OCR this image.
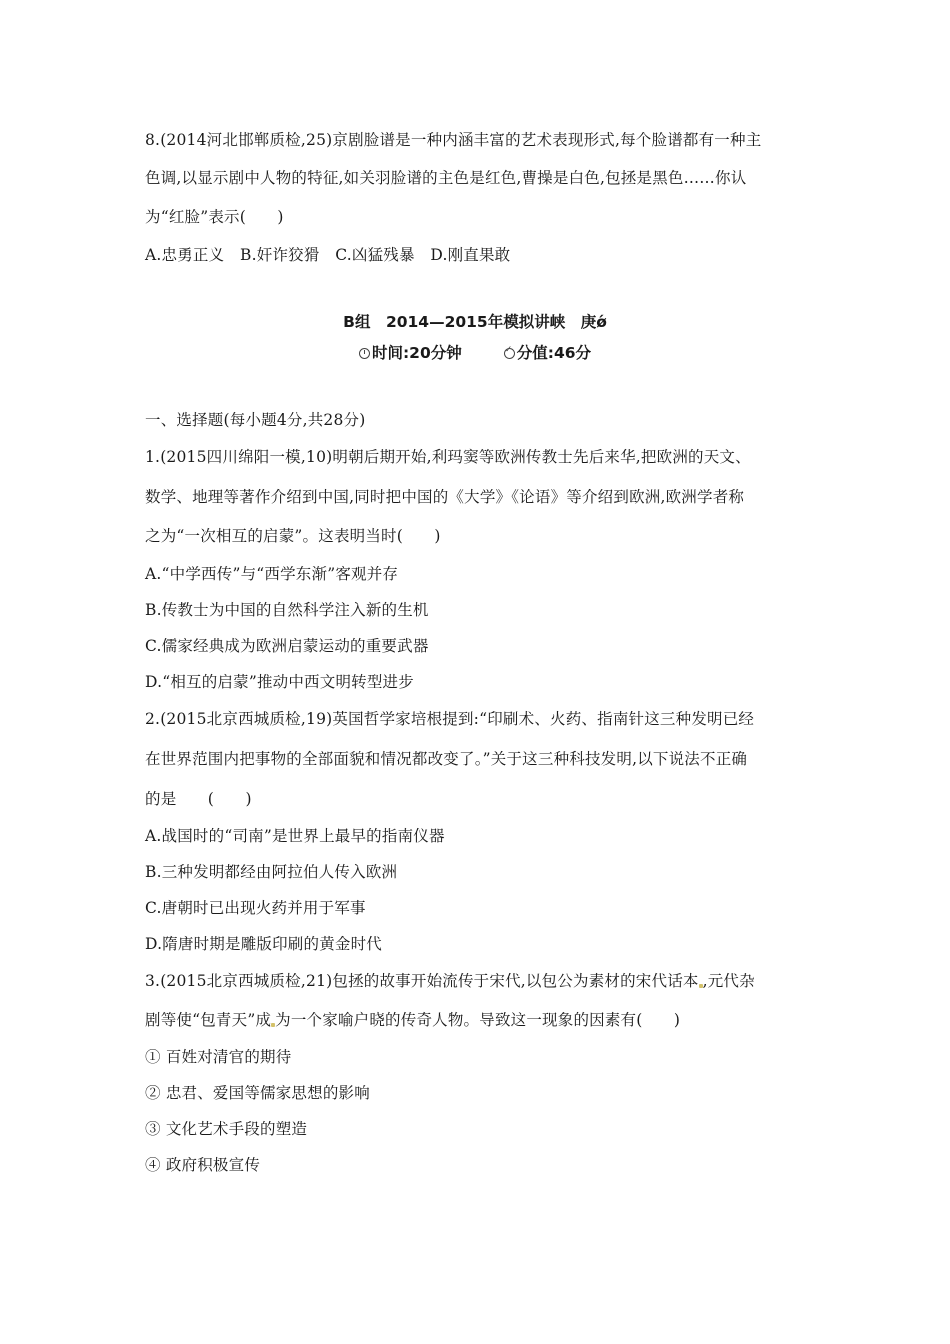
8.(2014河北邯郸质检,25)京剧脸谱是一种内涵丰富的艺术表现形式,每个脸谱都有一种主
色调,以显示剧中人物的特征,如关羽脸谱的主色是红色,曹操是白色,包拯是黑色……你认
为“红脸”表示(　　)
A.忠勇正义　B.奸诈狡猾　C.凶猛残暴　D.刚直果敢
B组　2014—2015年模拟讲峡　庚ǿ
时间:20分钟✓	分值:46分
一、选择题(每小题4分,共28分)
1.(2015四川绵阳一模,10)明朝后期开始,利玛窦等欧洲传教士先后来华,把欧洲的天文、
数学、地理等著作介绍到中国,同时把中国的《大学》《论语》等介绍到欧洲,欧洲学者称
之为“一次相互的启蒙”。这表明当时(　　)
A.“中学西传”与“西学东渐”客观并存
B.传教士为中国的自然科学注入新的生机
C.儒家经典成为欧洲启蒙运动的重要武器
D.“相互的启蒙”推动中西文明转型进步
2.(2015北京西城质检,19)英国哲学家培根提到:“印刷术、火药、指南针这三种发明已经
在世界范围内把事物的全部面貌和情况都改变了。”关于这三种科技发明,以下说法不正确
的是　　(　　)
A.战国时的“司南”是世界上最早的指南仪器
B.三种发明都经由阿拉伯人传入欧洲
C.唐朝时已出现火药并用于军事
D.隋唐时期是雕版印刷的黄金时代
3.(2015北京西城质检,21)包拯的故事开始流传于宋代,以包公为素材的宋代话本 ,元代杂
剧等使“包青天”成 为一个家喻户晓的传奇人物。导致这一现象的因素有(　　)
① 百姓对清官的期待
② 忠君、爱国等儒家思想的影响
③ 文化艺术手段的塑造
④ 政府积极宣传
